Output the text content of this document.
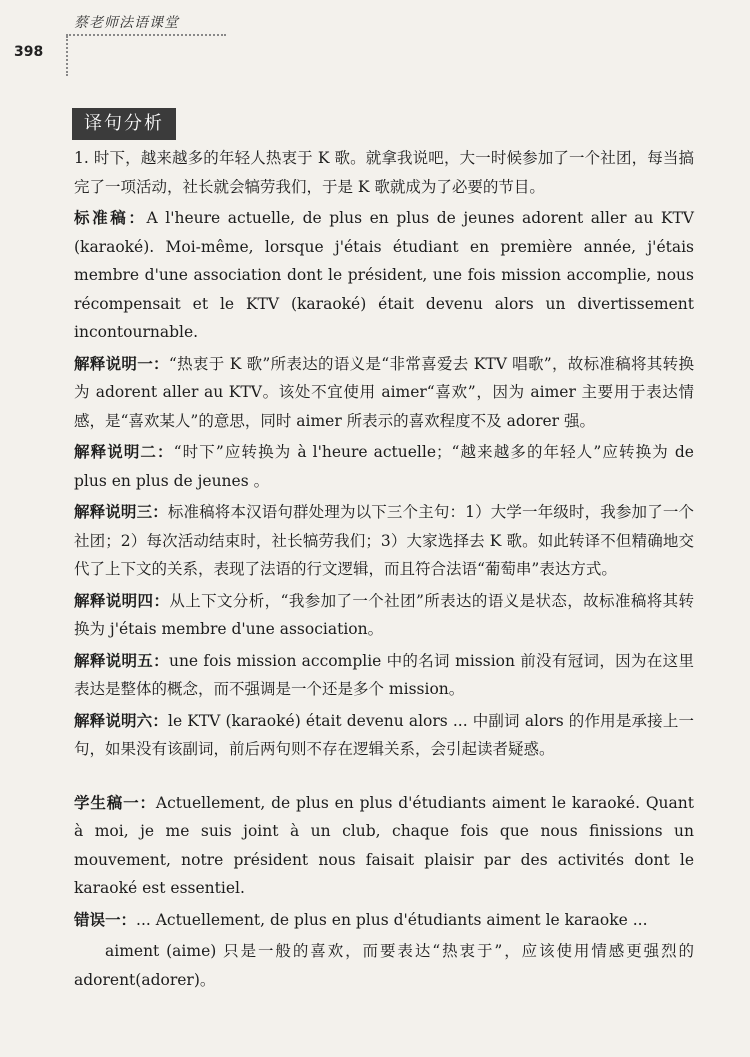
蔡老师法语课堂
398
译句分析

1. 时下，越来越多的年轻人热衷于 K 歌。就拿我说吧，大一时候参加了一个社团，每当搞完了一项活动，社长就会犒劳我们，于是 K 歌就成为了必要的节目。

标准稿：A l'heure actuelle, de plus en plus de jeunes adorent aller au KTV (karaoké). Moi-même, lorsque j'étais étudiant en première année, j'étais membre d'une association dont le président, une fois mission accomplie, nous récompensait et le KTV (karaoké) était devenu alors un divertissement incontournable.

解释说明一：“热衷于 K 歌”所表达的语义是“非常喜爱去 KTV 唱歌”，故标准稿将其转换为 adorent aller au KTV。该处不宜使用 aimer“喜欢”，因为 aimer 主要用于表达情感，是“喜欢某人”的意思，同时 aimer 所表示的喜欢程度不及 adorer 强。

解释说明二：“时下”应转换为 à l'heure actuelle；“越来越多的年轻人”应转换为 de plus en plus de jeunes 。

解释说明三：标准稿将本汉语句群处理为以下三个主句：1）大学一年级时，我参加了一个社团；2）每次活动结束时，社长犒劳我们；3）大家选择去 K 歌。如此转译不但精确地交代了上下文的关系，表现了法语的行文逻辑，而且符合法语“葡萄串”表达方式。

解释说明四：从上下文分析，“我参加了一个社团”所表达的语义是状态，故标准稿将其转换为 j'étais membre d'une association。

解释说明五：une fois mission accomplie 中的名词 mission 前没有冠词，因为在这里表达是整体的概念，而不强调是一个还是多个 mission。

解释说明六：le KTV (karaoké) était devenu alors ... 中副词 alors 的作用是承接上一句，如果没有该副词，前后两句则不存在逻辑关系，会引起读者疑惑。

学生稿一：Actuellement, de plus en plus d'étudiants aiment le karaoké. Quant à moi, je me suis joint à un club, chaque fois que nous finissions un mouvement, notre président nous faisait plaisir par des activités dont le karaoké est essentiel.

错误一：... Actuellement, de plus en plus d'étudiants aiment le karaoke ...

aiment (aime) 只是一般的喜欢，而要表达“热衷于”，应该使用情感更强烈的 adorent(adorer)。
